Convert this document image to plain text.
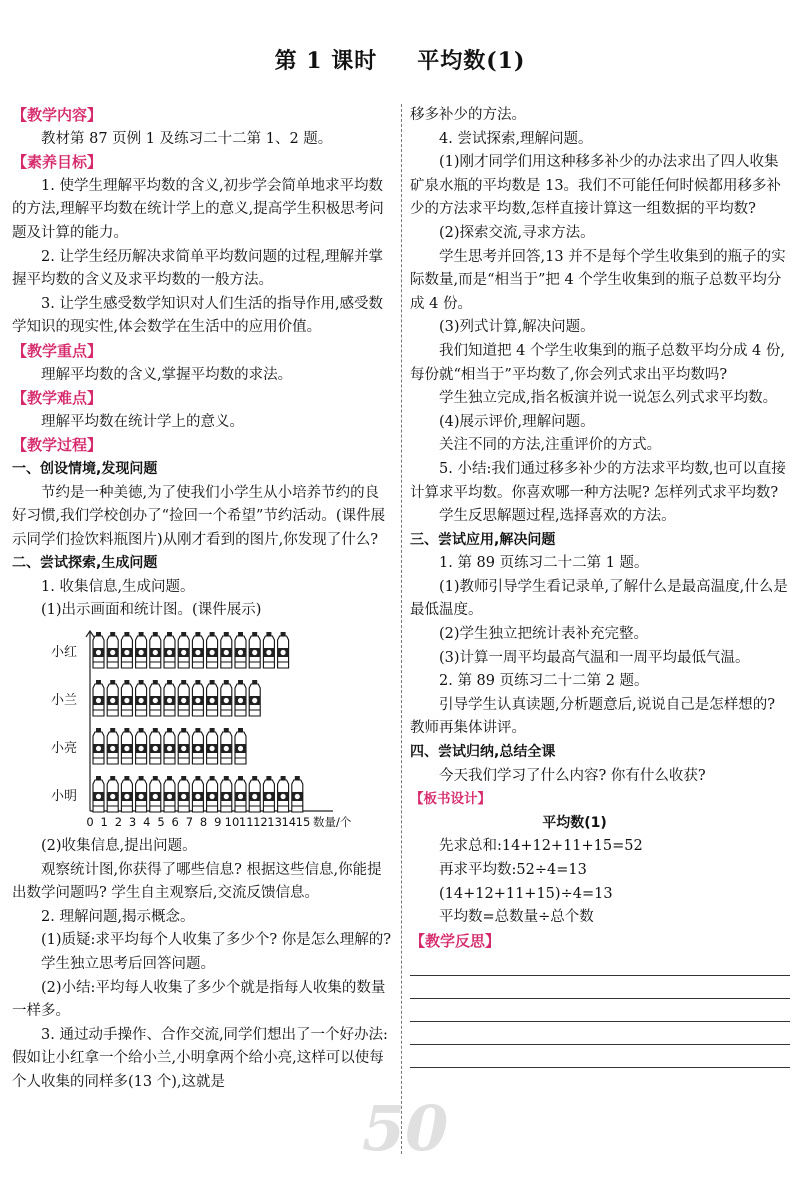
第 1 课时 平均数(1)

【教学内容】

教材第 87 页例 1 及练习二十二第 1、2 题。

【素养目标】

1. 使学生理解平均数的含义,初步学会简单地求平均数的方法,理解平均数在统计学上的意义,提高学生积极思考问题及计算的能力。

2. 让学生经历解决求简单平均数问题的过程,理解并掌握平均数的含义及求平均数的一般方法。

3. 让学生感受数学知识对人们生活的指导作用,感受数学知识的现实性,体会数学在生活中的应用价值。

【教学重点】

理解平均数的含义,掌握平均数的求法。

【教学难点】

理解平均数在统计学上的意义。

【教学过程】

一、创设情境,发现问题

节约是一种美德,为了使我们小学生从小培养节约的良好习惯,我们学校创办了“捡回一个希望”节约活动。(课件展示同学们捡饮料瓶图片)从刚才看到的图片,你发现了什么?

二、尝试探索,生成问题

1. 收集信息,生成问题。

(1)出示画面和统计图。(课件展示)

0 1 2 3 4 5 6 7 8 9 10 11 12 13 14 15 数量/个
小红
小兰
小亮
小明

(2)收集信息,提出问题。

观察统计图,你获得了哪些信息? 根据这些信息,你能提出数学问题吗? 学生自主观察后,交流反馈信息。

2. 理解问题,揭示概念。

(1)质疑:求平均每个人收集了多少个? 你是怎么理解的?

学生独立思考后回答问题。

(2)小结:平均每人收集了多少个就是指每人收集的数量一样多。

3. 通过动手操作、合作交流,同学们想出了一个好办法:假如让小红拿一个给小兰,小明拿两个给小亮,这样可以使每个人收集的同样多(13 个),这就是

移多补少的方法。

4. 尝试探索,理解问题。

(1)刚才同学们用这种移多补少的办法求出了四人收集矿泉水瓶的平均数是 13。我们不可能任何时候都用移多补少的方法求平均数,怎样直接计算这一组数据的平均数?

(2)探索交流,寻求方法。

学生思考并回答,13 并不是每个学生收集到的瓶子的实际数量,而是“相当于”把 4 个学生收集到的瓶子总数平均分成 4 份。

(3)列式计算,解决问题。

我们知道把 4 个学生收集到的瓶子总数平均分成 4 份,每份就“相当于”平均数了,你会列式求出平均数吗?

学生独立完成,指名板演并说一说怎么列式求平均数。

(4)展示评价,理解问题。

关注不同的方法,注重评价的方式。

5. 小结:我们通过移多补少的方法求平均数,也可以直接计算求平均数。你喜欢哪一种方法呢? 怎样列式求平均数?

学生反思解题过程,选择喜欢的方法。

三、尝试应用,解决问题

1. 第 89 页练习二十二第 1 题。

(1)教师引导学生看记录单,了解什么是最高温度,什么是最低温度。

(2)学生独立把统计表补充完整。

(3)计算一周平均最高气温和一周平均最低气温。

2. 第 89 页练习二十二第 2 题。

引导学生认真读题,分析题意后,说说自己是怎样想的? 教师再集体讲评。

四、尝试归纳,总结全课

今天我们学习了什么内容? 你有什么收获?

【板书设计】

平均数(1)

先求总和:14+12+11+15=52

再求平均数:52÷4=13

(14+12+11+15)÷4=13

平均数=总数量÷总个数

【教学反思】

50
